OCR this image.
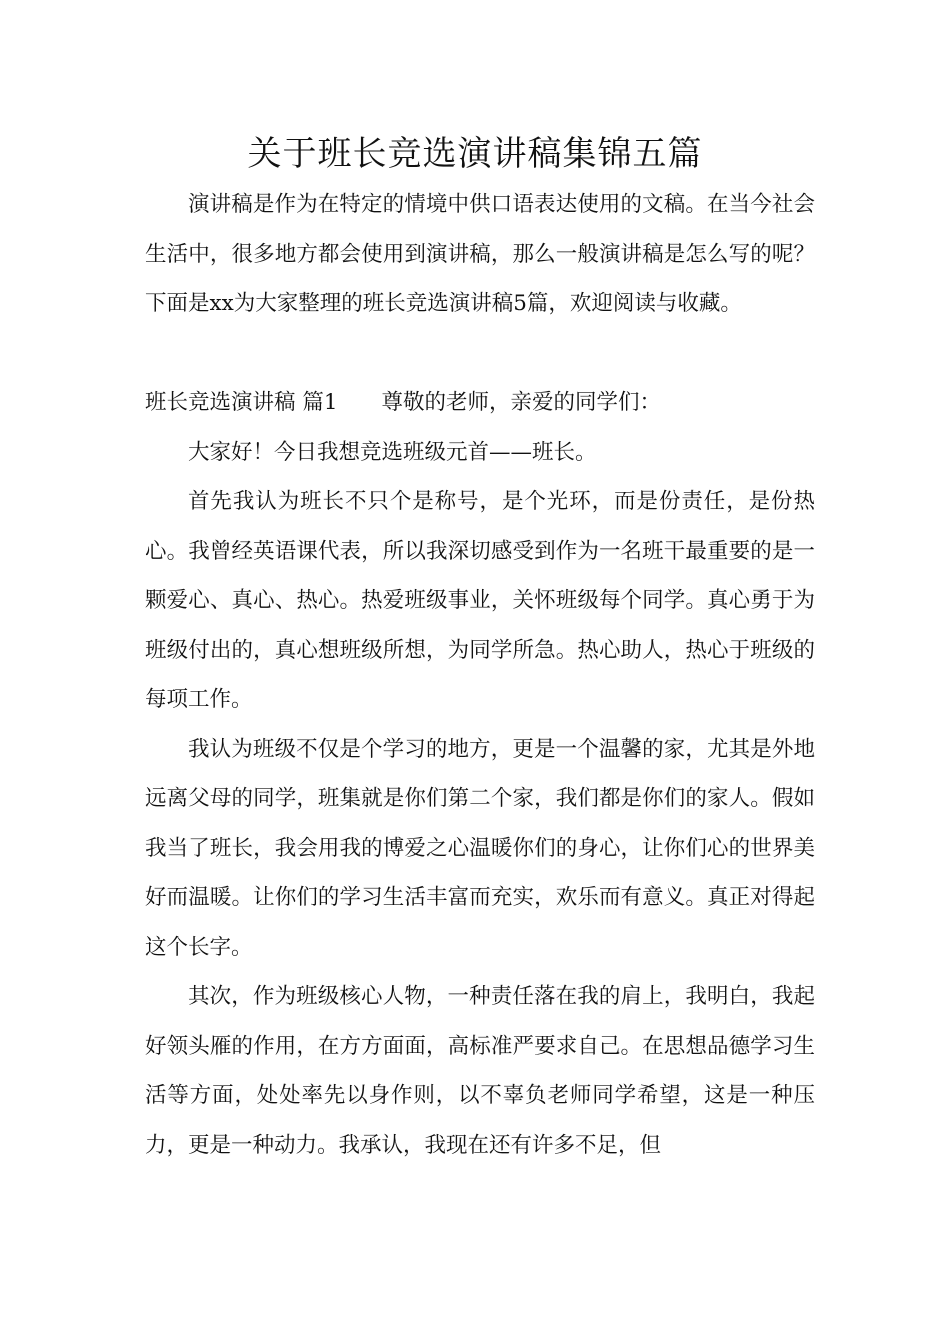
关于班长竞选演讲稿集锦五篇

演讲稿是作为在特定的情境中供口语表达使用的文稿。在当今社会生活中，很多地方都会使用到演讲稿，那么一般演讲稿是怎么写的呢？下面是xx为大家整理的班长竞选演讲稿5篇，欢迎阅读与收藏。

班长竞选演讲稿 篇1 尊敬的老师，亲爱的同学们：

大家好！今日我想竞选班级元首——班长。

首先我认为班长不只个是称号，是个光环，而是份责任，是份热心。我曾经英语课代表，所以我深切感受到作为一名班干最重要的是一颗爱心、真心、热心。热爱班级事业，关怀班级每个同学。真心勇于为班级付出的，真心想班级所想，为同学所急。热心助人，热心于班级的每项工作。

我认为班级不仅是个学习的地方，更是一个温馨的家，尤其是外地远离父母的同学，班集就是你们第二个家，我们都是你们的家人。假如我当了班长，我会用我的博爱之心温暖你们的身心，让你们心的世界美好而温暖。让你们的学习生活丰富而充实，欢乐而有意义。真正对得起这个长字。

其次，作为班级核心人物，一种责任落在我的肩上，我明白，我起好领头雁的作用，在方方面面，高标准严要求自己。在思想品德学习生活等方面，处处率先以身作则，以不辜负老师同学希望，这是一种压力，更是一种动力。我承认，我现在还有许多不足，但
